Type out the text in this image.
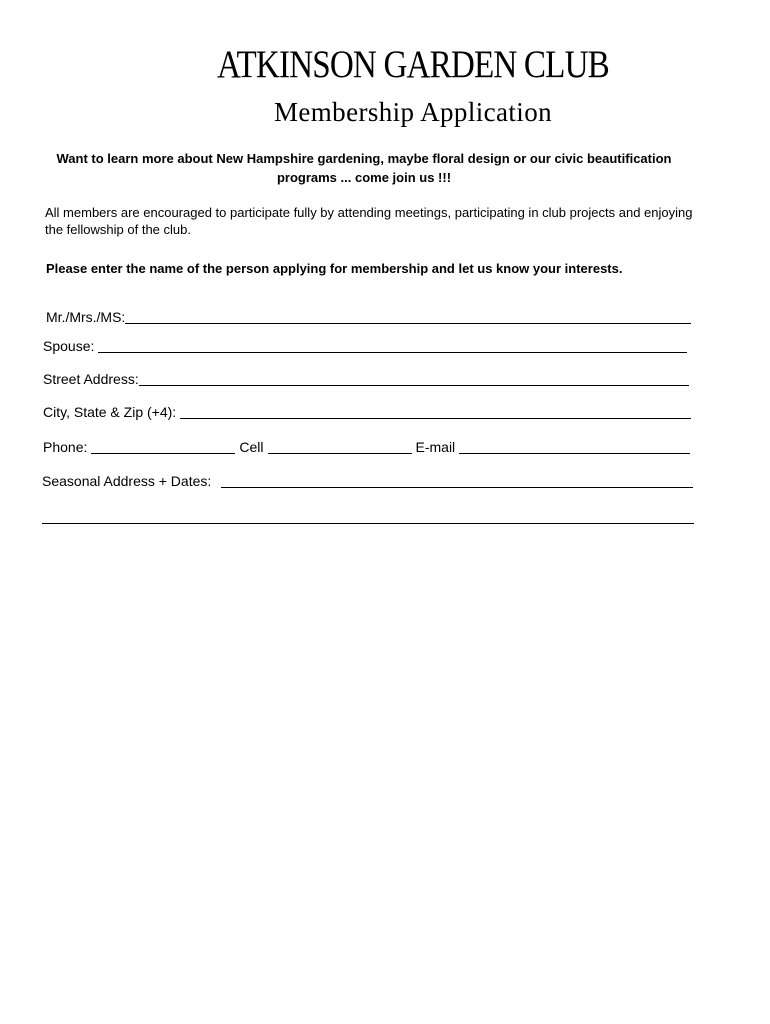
ATKINSON GARDEN CLUB
Membership Application

Want to learn more about New Hampshire gardening, maybe floral design or our civic beautification programs ... come join us !!!

All members are encouraged to participate fully by attending meetings, participating in club projects and enjoying the fellowship of the club.

Please enter the name of the person applying for membership and let us know your interests.

Mr./Mrs./MS:
Spouse:
Street Address:
City, State & Zip (+4):
Phone:	Cell	E-mail
Seasonal Address + Dates:
